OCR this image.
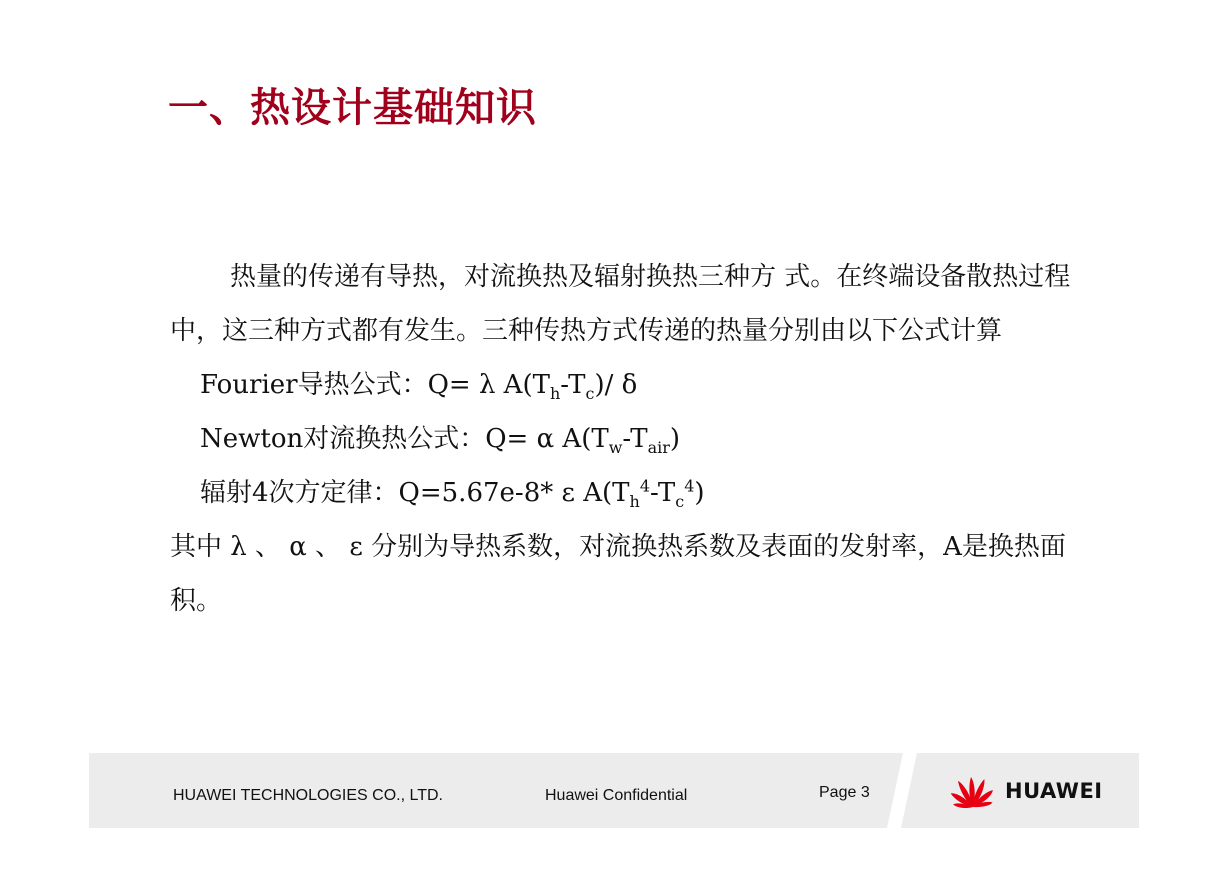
一、热设计基础知识
热量的传递有导热，对流换热及辐射换热三种方 式。在终端设备散热过程中，这三种方式都有发生。三种传热方式传递的热量分别由以下公式计算
Fourier导热公式：Q= λ $A(T_h-T_c)/$ δ
Newton对流换热公式：Q= α $A(T_w-T_{air})$
辐射4次方定律：Q=5.67e-8* ε $A(T_h^4-T_c^4)$
其中 λ 、 α 、 ε 分别为导热系数，对流换热系数及表面的发射率，A是换热面积。
HUAWEI TECHNOLOGIES CO., LTD.	Huawei Confidential	Page 3	HUAWEI
